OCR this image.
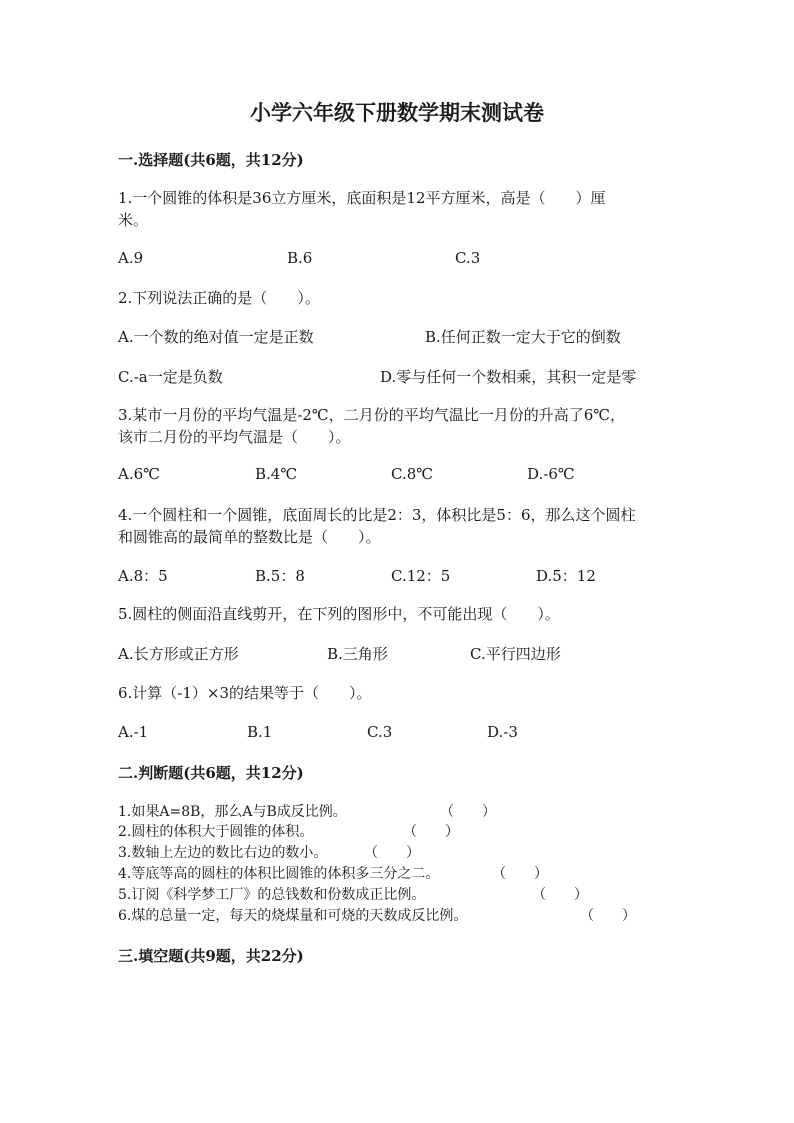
小学六年级下册数学期末测试卷
一.选择题(共6题，共12分)
1.一个圆锥的体积是36立方厘米，底面积是12平方厘米，高是（　　）厘
米。
A.9	B.6	C.3
2.下列说法正确的是（　　）。
A.一个数的绝对值一定是正数	B.任何正数一定大于它的倒数
C.-a一定是负数	D.零与任何一个数相乘，其积一定是零
3.某市一月份的平均气温是-2℃，二月份的平均气温比一月份的升高了6℃，
该市二月份的平均气温是（　　）。
A.6℃	B.4℃	C.8℃	D.-6℃
4.一个圆柱和一个圆锥，底面周长的比是2：3，体积比是5：6，那么这个圆柱
和圆锥高的最简单的整数比是（　　）。
A.8：5	B.5：8	C.12：5	D.5：12
5.圆柱的侧面沿直线剪开，在下列的图形中，不可能出现（　　）。
A.长方形或正方形	B.三角形	C.平行四边形
6.计算（-1）×3的结果等于（　　）。
A.-1	B.1	C.3	D.-3
二.判断题(共6题，共12分)
1.如果A=8B，那么A与B成反比例。	（　　）
2.圆柱的体积大于圆锥的体积。	（　　）
3.数轴上左边的数比右边的数小。	（　　）
4.等底等高的圆柱的体积比圆锥的体积多三分之二。	（　　）
5.订阅《科学梦工厂》的总钱数和份数成正比例。	（　　）
6.煤的总量一定，每天的烧煤量和可烧的天数成反比例。	（　　）
三.填空题(共9题，共22分)
